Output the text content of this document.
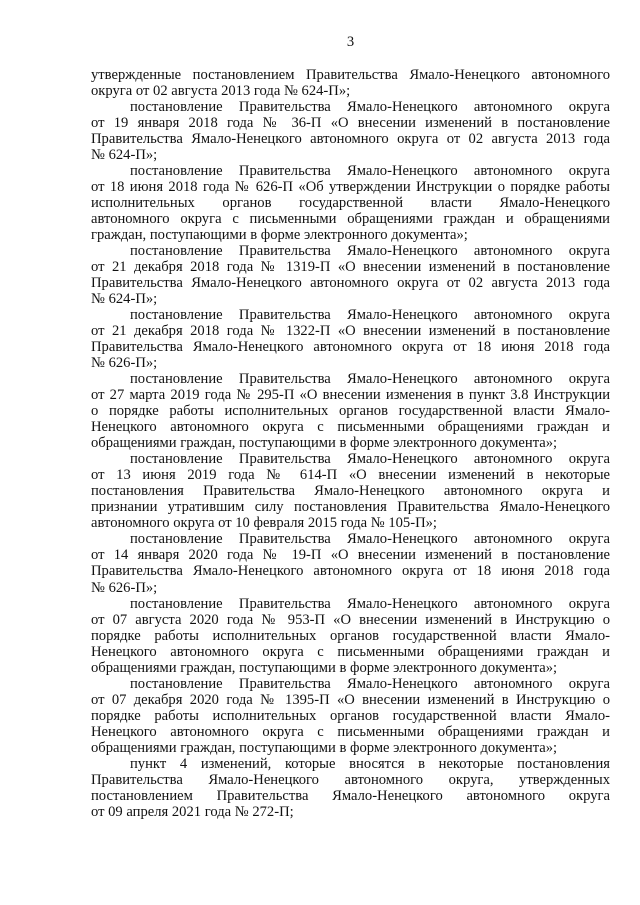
3
утвержденные постановлением Правительства Ямало-Ненецкого автономного
округа от 02 августа 2013 года № 624-П»;
постановление Правительства Ямало-Ненецкого автономного округа
от 19 января 2018 года № 36-П «О внесении изменений в постановление
Правительства Ямало-Ненецкого автономного округа от 02 августа 2013 года
№ 624-П»;
постановление Правительства Ямало-Ненецкого автономного округа
от 18 июня 2018 года № 626-П «Об утверждении Инструкции о порядке работы
исполнительных органов государственной власти Ямало-Ненецкого
автономного округа с письменными обращениями граждан и обращениями
граждан, поступающими в форме электронного документа»;
постановление Правительства Ямало-Ненецкого автономного округа
от 21 декабря 2018 года № 1319-П «О внесении изменений в постановление
Правительства Ямало-Ненецкого автономного округа от 02 августа 2013 года
№ 624-П»;
постановление Правительства Ямало-Ненецкого автономного округа
от 21 декабря 2018 года № 1322-П «О внесении изменений в постановление
Правительства Ямало-Ненецкого автономного округа от 18 июня 2018 года
№ 626-П»;
постановление Правительства Ямало-Ненецкого автономного округа
от 27 марта 2019 года № 295-П «О внесении изменения в пункт 3.8 Инструкции
о порядке работы исполнительных органов государственной власти Ямало-
Ненецкого автономного округа с письменными обращениями граждан и
обращениями граждан, поступающими в форме электронного документа»;
постановление Правительства Ямало-Ненецкого автономного округа
от 13 июня 2019 года № 614-П «О внесении изменений в некоторые
постановления Правительства Ямало-Ненецкого автономного округа и
признании утратившим силу постановления Правительства Ямало-Ненецкого
автономного округа от 10 февраля 2015 года № 105-П»;
постановление Правительства Ямало-Ненецкого автономного округа
от 14 января 2020 года № 19-П «О внесении изменений в постановление
Правительства Ямало-Ненецкого автономного округа от 18 июня 2018 года
№ 626-П»;
постановление Правительства Ямало-Ненецкого автономного округа
от 07 августа 2020 года № 953-П «О внесении изменений в Инструкцию о
порядке работы исполнительных органов государственной власти Ямало-
Ненецкого автономного округа с письменными обращениями граждан и
обращениями граждан, поступающими в форме электронного документа»;
постановление Правительства Ямало-Ненецкого автономного округа
от 07 декабря 2020 года № 1395-П «О внесении изменений в Инструкцию о
порядке работы исполнительных органов государственной власти Ямало-
Ненецкого автономного округа с письменными обращениями граждан и
обращениями граждан, поступающими в форме электронного документа»;
пункт 4 изменений, которые вносятся в некоторые постановления
Правительства Ямало-Ненецкого автономного округа, утвержденных
постановлением Правительства Ямало-Ненецкого автономного округа
от 09 апреля 2021 года № 272-П;
